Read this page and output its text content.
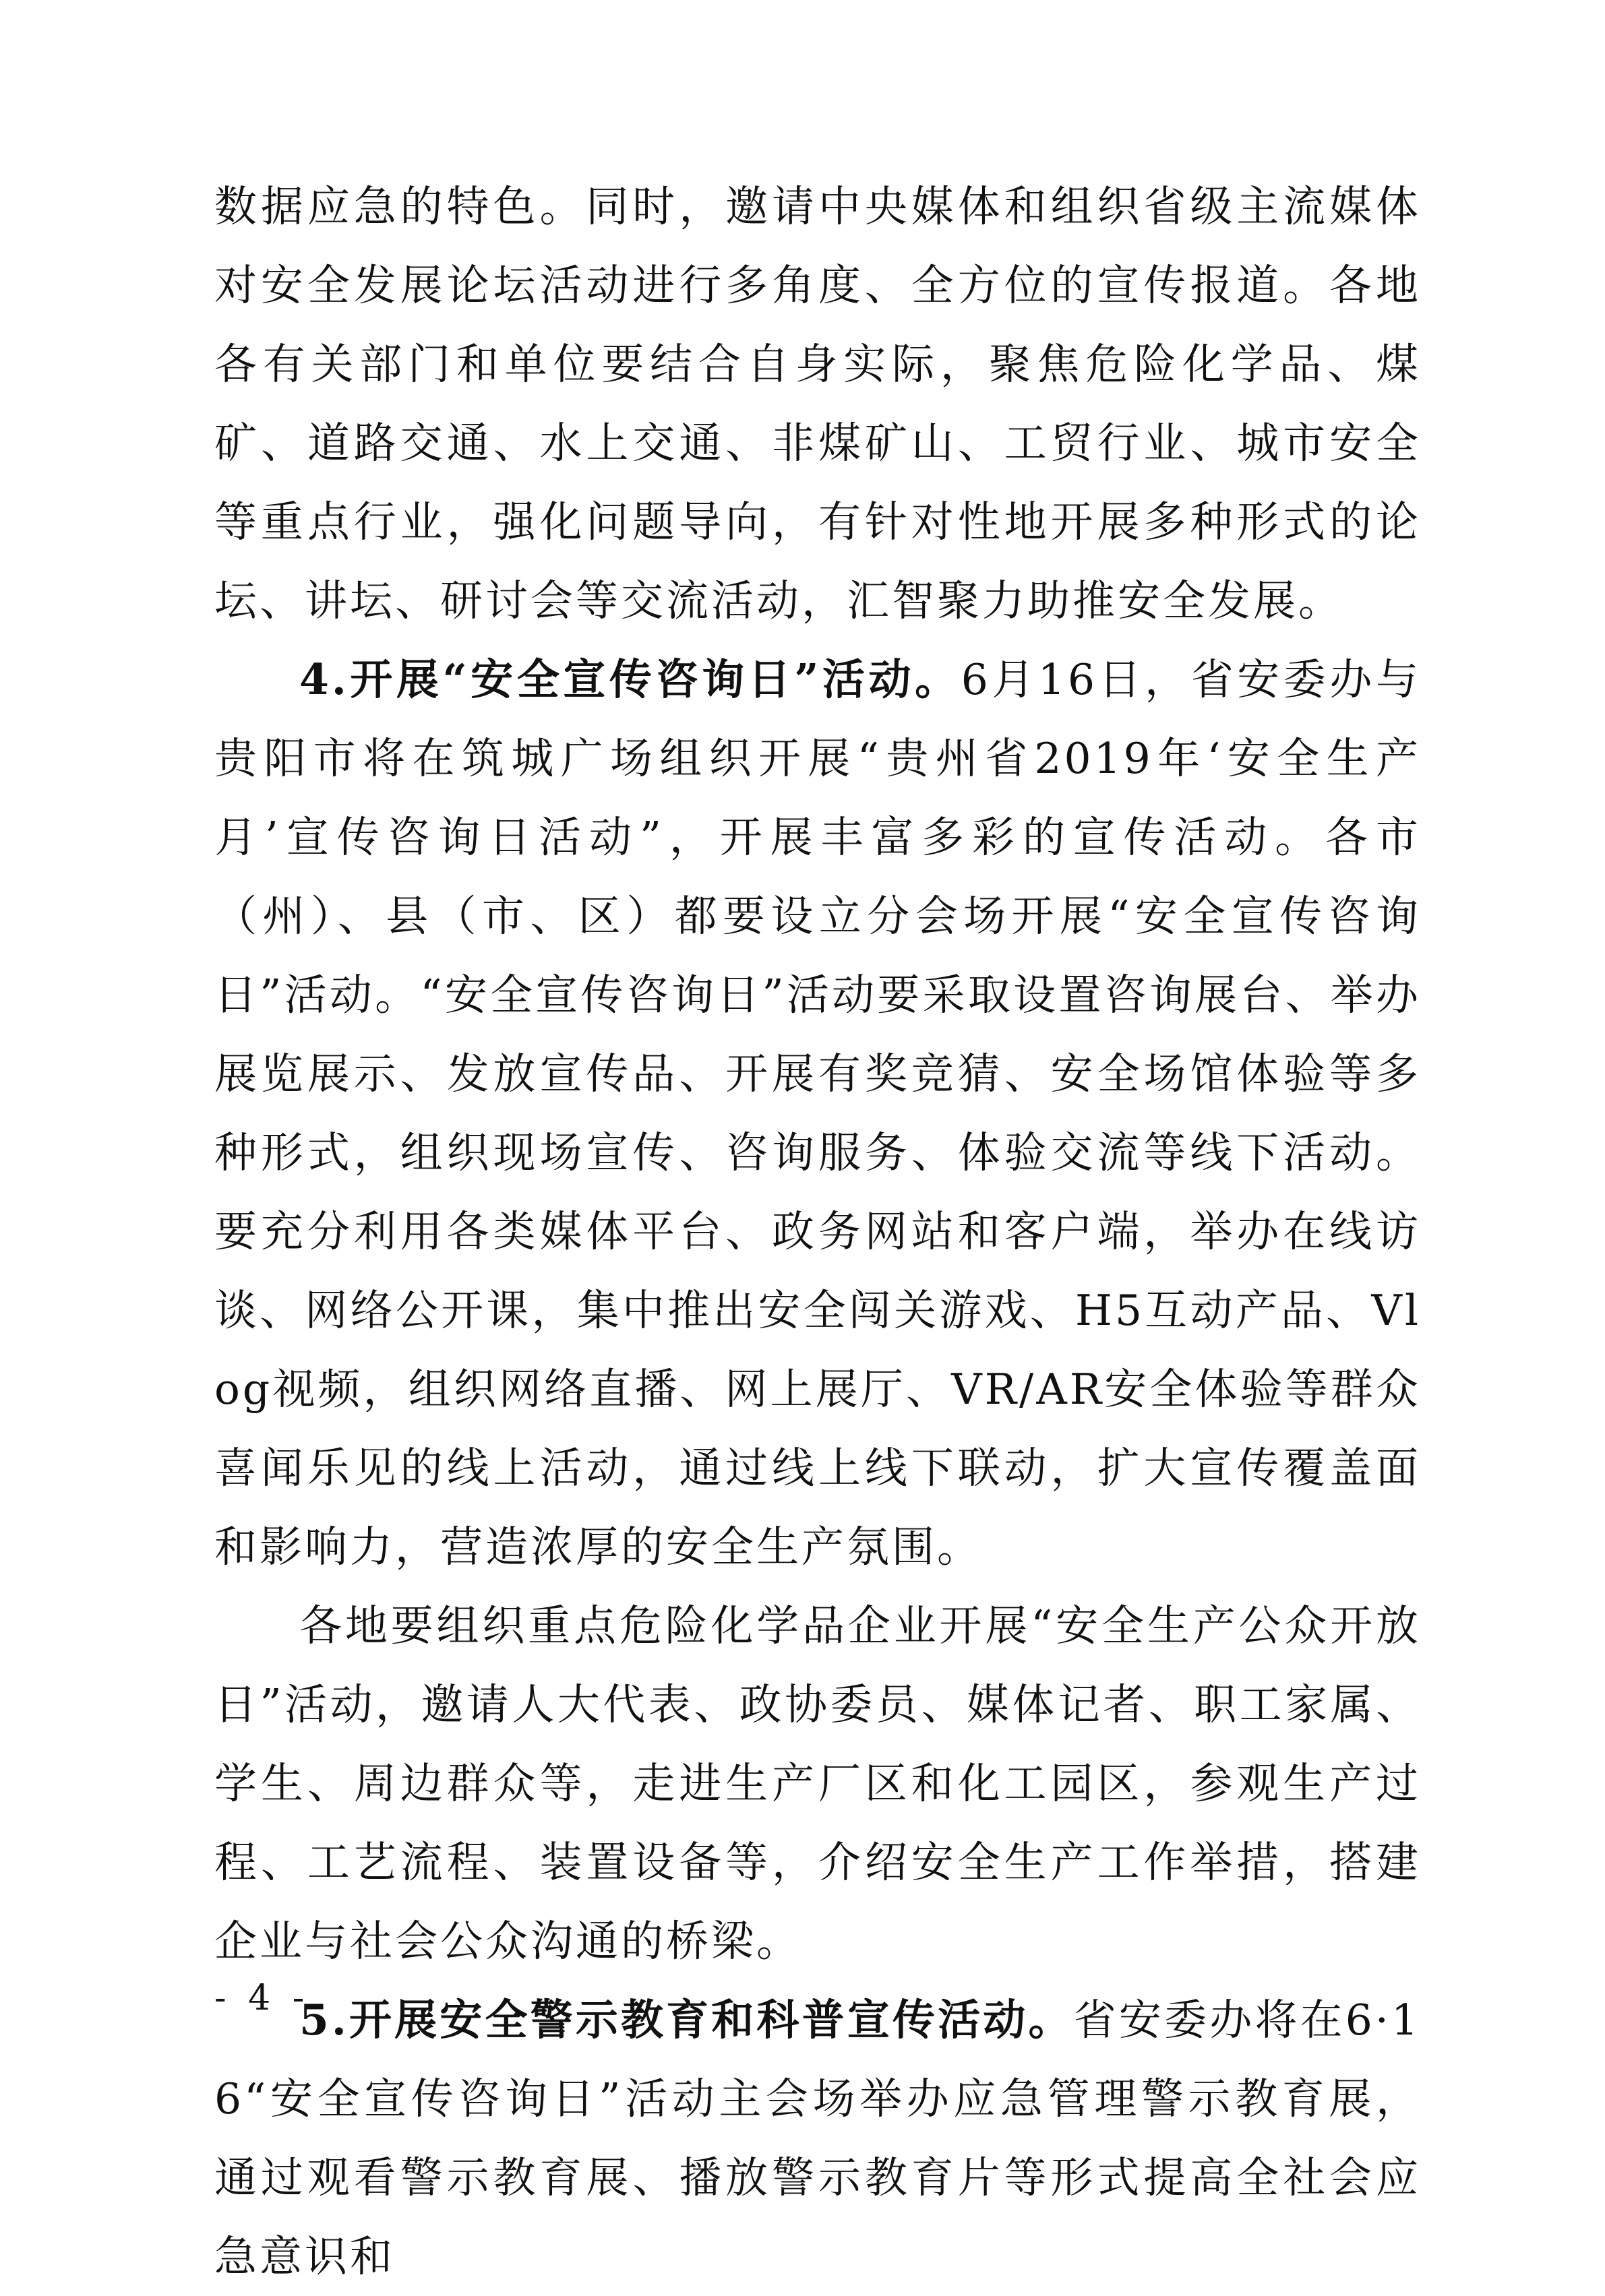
数据应急的特色。同时，邀请中央媒体和组织省级主流媒体对安全发展论坛活动进行多角度、全方位的宣传报道。各地各有关部门和单位要结合自身实际，聚焦危险化学品、煤矿、道路交通、水上交通、非煤矿山、工贸行业、城市安全等重点行业，强化问题导向，有针对性地开展多种形式的论坛、讲坛、研讨会等交流活动，汇智聚力助推安全发展。

4.开展“安全宣传咨询日”活动。6月16日，省安委办与贵阳市将在筑城广场组织开展“贵州省2019年‘安全生产月’宣传咨询日活动”，开展丰富多彩的宣传活动。各市（州）、县（市、区）都要设立分会场开展“安全宣传咨询日”活动。“安全宣传咨询日”活动要采取设置咨询展台、举办展览展示、发放宣传品、开展有奖竞猜、安全场馆体验等多种形式，组织现场宣传、咨询服务、体验交流等线下活动。要充分利用各类媒体平台、政务网站和客户端，举办在线访谈、网络公开课，集中推出安全闯关游戏、H5互动产品、Vlog视频，组织网络直播、网上展厅、VR/AR安全体验等群众喜闻乐见的线上活动，通过线上线下联动，扩大宣传覆盖面和影响力，营造浓厚的安全生产氛围。

各地要组织重点危险化学品企业开展“安全生产公众开放日”活动，邀请人大代表、政协委员、媒体记者、职工家属、学生、周边群众等，走进生产厂区和化工园区，参观生产过程、工艺流程、装置设备等，介绍安全生产工作举措，搭建企业与社会公众沟通的桥梁。

5.开展安全警示教育和科普宣传活动。省安委办将在6·16“安全宣传咨询日”活动主会场举办应急管理警示教育展，通过观看警示教育展、播放警示教育片等形式提高全社会应急意识和

- 4 -
